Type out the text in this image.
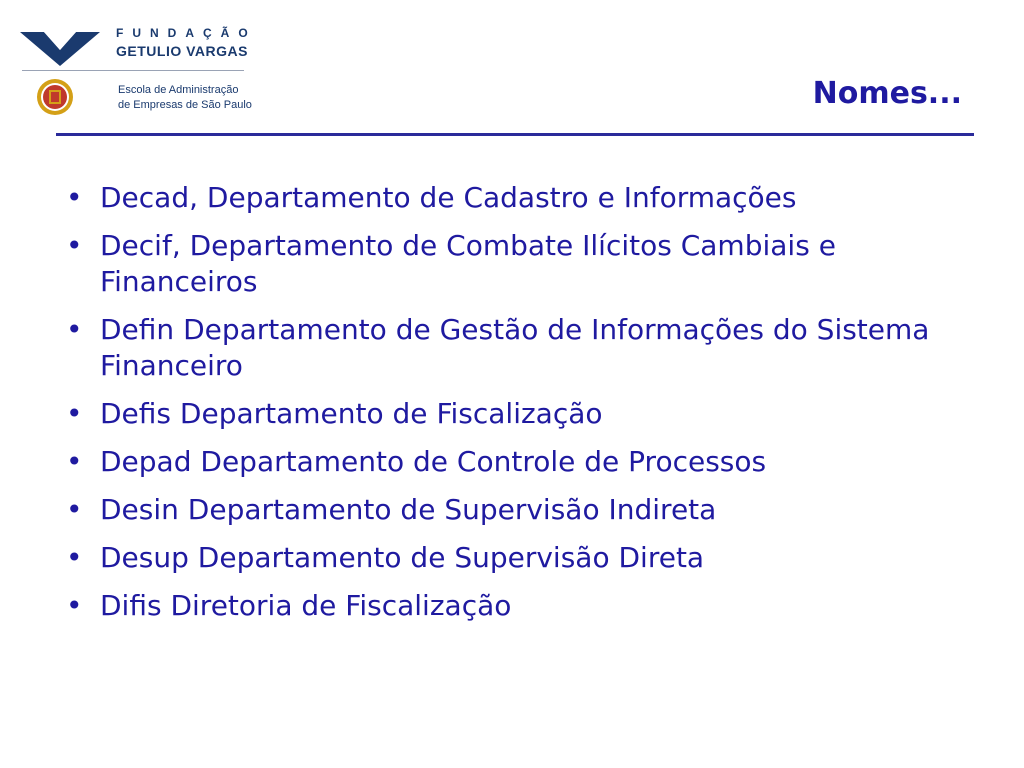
FUNDAÇÃO
GETULIO VARGAS
Escola de Administração
de Empresas de São Paulo	Nomes...
• Decad, Departamento de Cadastro e Informações
• Decif, Departamento de Combate Ilícitos Cambiais e Financeiros
• Defin Departamento de Gestão de Informações do Sistema Financeiro
• Defis Departamento de Fiscalização
• Depad Departamento de Controle de Processos
• Desin Departamento de Supervisão Indireta
• Desup Departamento de Supervisão Direta
• Difis Diretoria de Fiscalização
